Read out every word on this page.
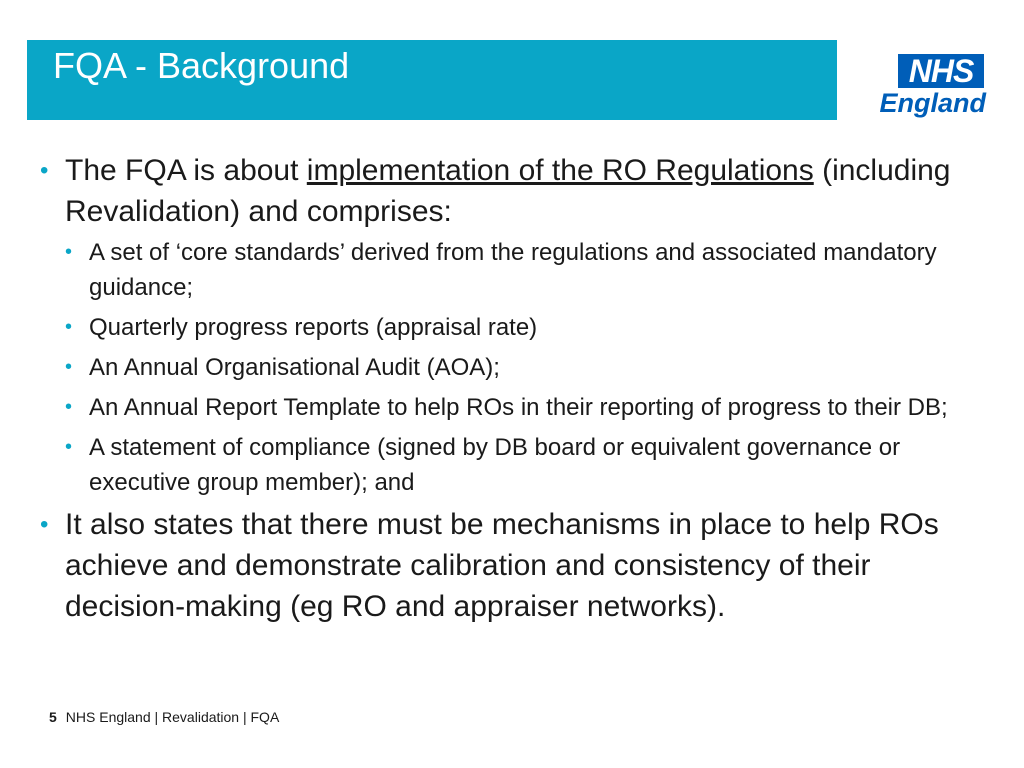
FQA - Background	NHS
England
• The FQA is about implementation of the RO Regulations (including Revalidation) and comprises:
• A set of ‘core standards’ derived from the regulations and associated mandatory guidance;
• Quarterly progress reports (appraisal rate)
• An Annual Organisational Audit (AOA);
• An Annual Report Template to help ROs in their reporting of progress to their DB;
• A statement of compliance (signed by DB board or equivalent governance or executive group member); and
• It also states that there must be mechanisms in place to help ROs achieve and demonstrate calibration and consistency of their decision-making (eg RO and appraiser networks).
5 NHS England | Revalidation | FQA
